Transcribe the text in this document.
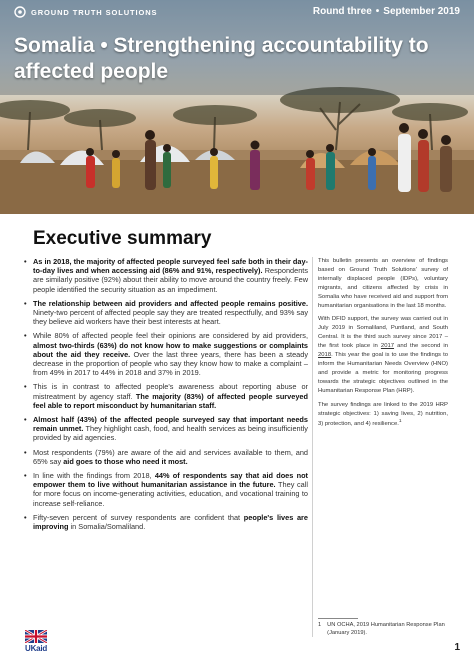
GROUND TRUTH SOLUTIONS	Round three • September 2019
Somalia • Strengthening accountability to affected people
Executive summary
• As in 2018, the majority of affected people surveyed feel safe both in their day-to-day lives and when accessing aid (86% and 91%, respectively). Respondents are similarly positive (92%) about their ability to move around the country freely. Few people identified the security situation as an impediment.
• The relationship between aid providers and affected people remains positive. Ninety-two percent of affected people say they are treated respectfully, and 93% say they believe aid workers have their best interests at heart.
• While 80% of affected people feel their opinions are considered by aid providers, almost two-thirds (63%) do not know how to make suggestions or complaints about the aid they receive. Over the last three years, there has been a steady decrease in the proportion of people who say they know how to make a complaint – from 49% in 2017 to 44% in 2018 and 37% in 2019.
• This is in contrast to affected people's awareness about reporting abuse or mistreatment by agency staff. The majority (83%) of affected people surveyed feel able to report misconduct by humanitarian staff.
• Almost half (43%) of the affected people surveyed say that important needs remain unmet. They highlight cash, food, and health services as being insufficiently provided by aid agencies.
• Most respondents (79%) are aware of the aid and services available to them, and 65% say aid goes to those who need it most.
• In line with the findings from 2018, 44% of respondents say that aid does not empower them to live without humanitarian assistance in the future. They call for more focus on income-generating activities, education, and vocational training to increase self-reliance.
• Fifty-seven percent of survey respondents are confident that people's lives are improving in Somalia/Somaliland.

This bulletin presents an overview of findings based on Ground Truth Solutions' survey of internally displaced people (IDPs), voluntary migrants, and citizens affected by crisis in Somalia who have received aid and support from humanitarian organisations in the last 18 months.

With DFID support, the survey was carried out in July 2019 in Somaliland, Puntland, and South Central. It is the third such survey since 2017 – the first took place in 2017 and the second in 2018. This year the goal is to use the findings to inform the Humanitarian Needs Overview (HNO) and provide a metric for monitoring progress towards the strategic objectives outlined in the Humanitarian Response Plan (HRP).

The survey findings are linked to the 2019 HRP strategic objectives: 1) saving lives, 2) nutrition, 3) protection, and 4) resilience.$^1$

1 UN OCHA, 2019 Humanitarian Response Plan (January 2019).
UKaid	1
